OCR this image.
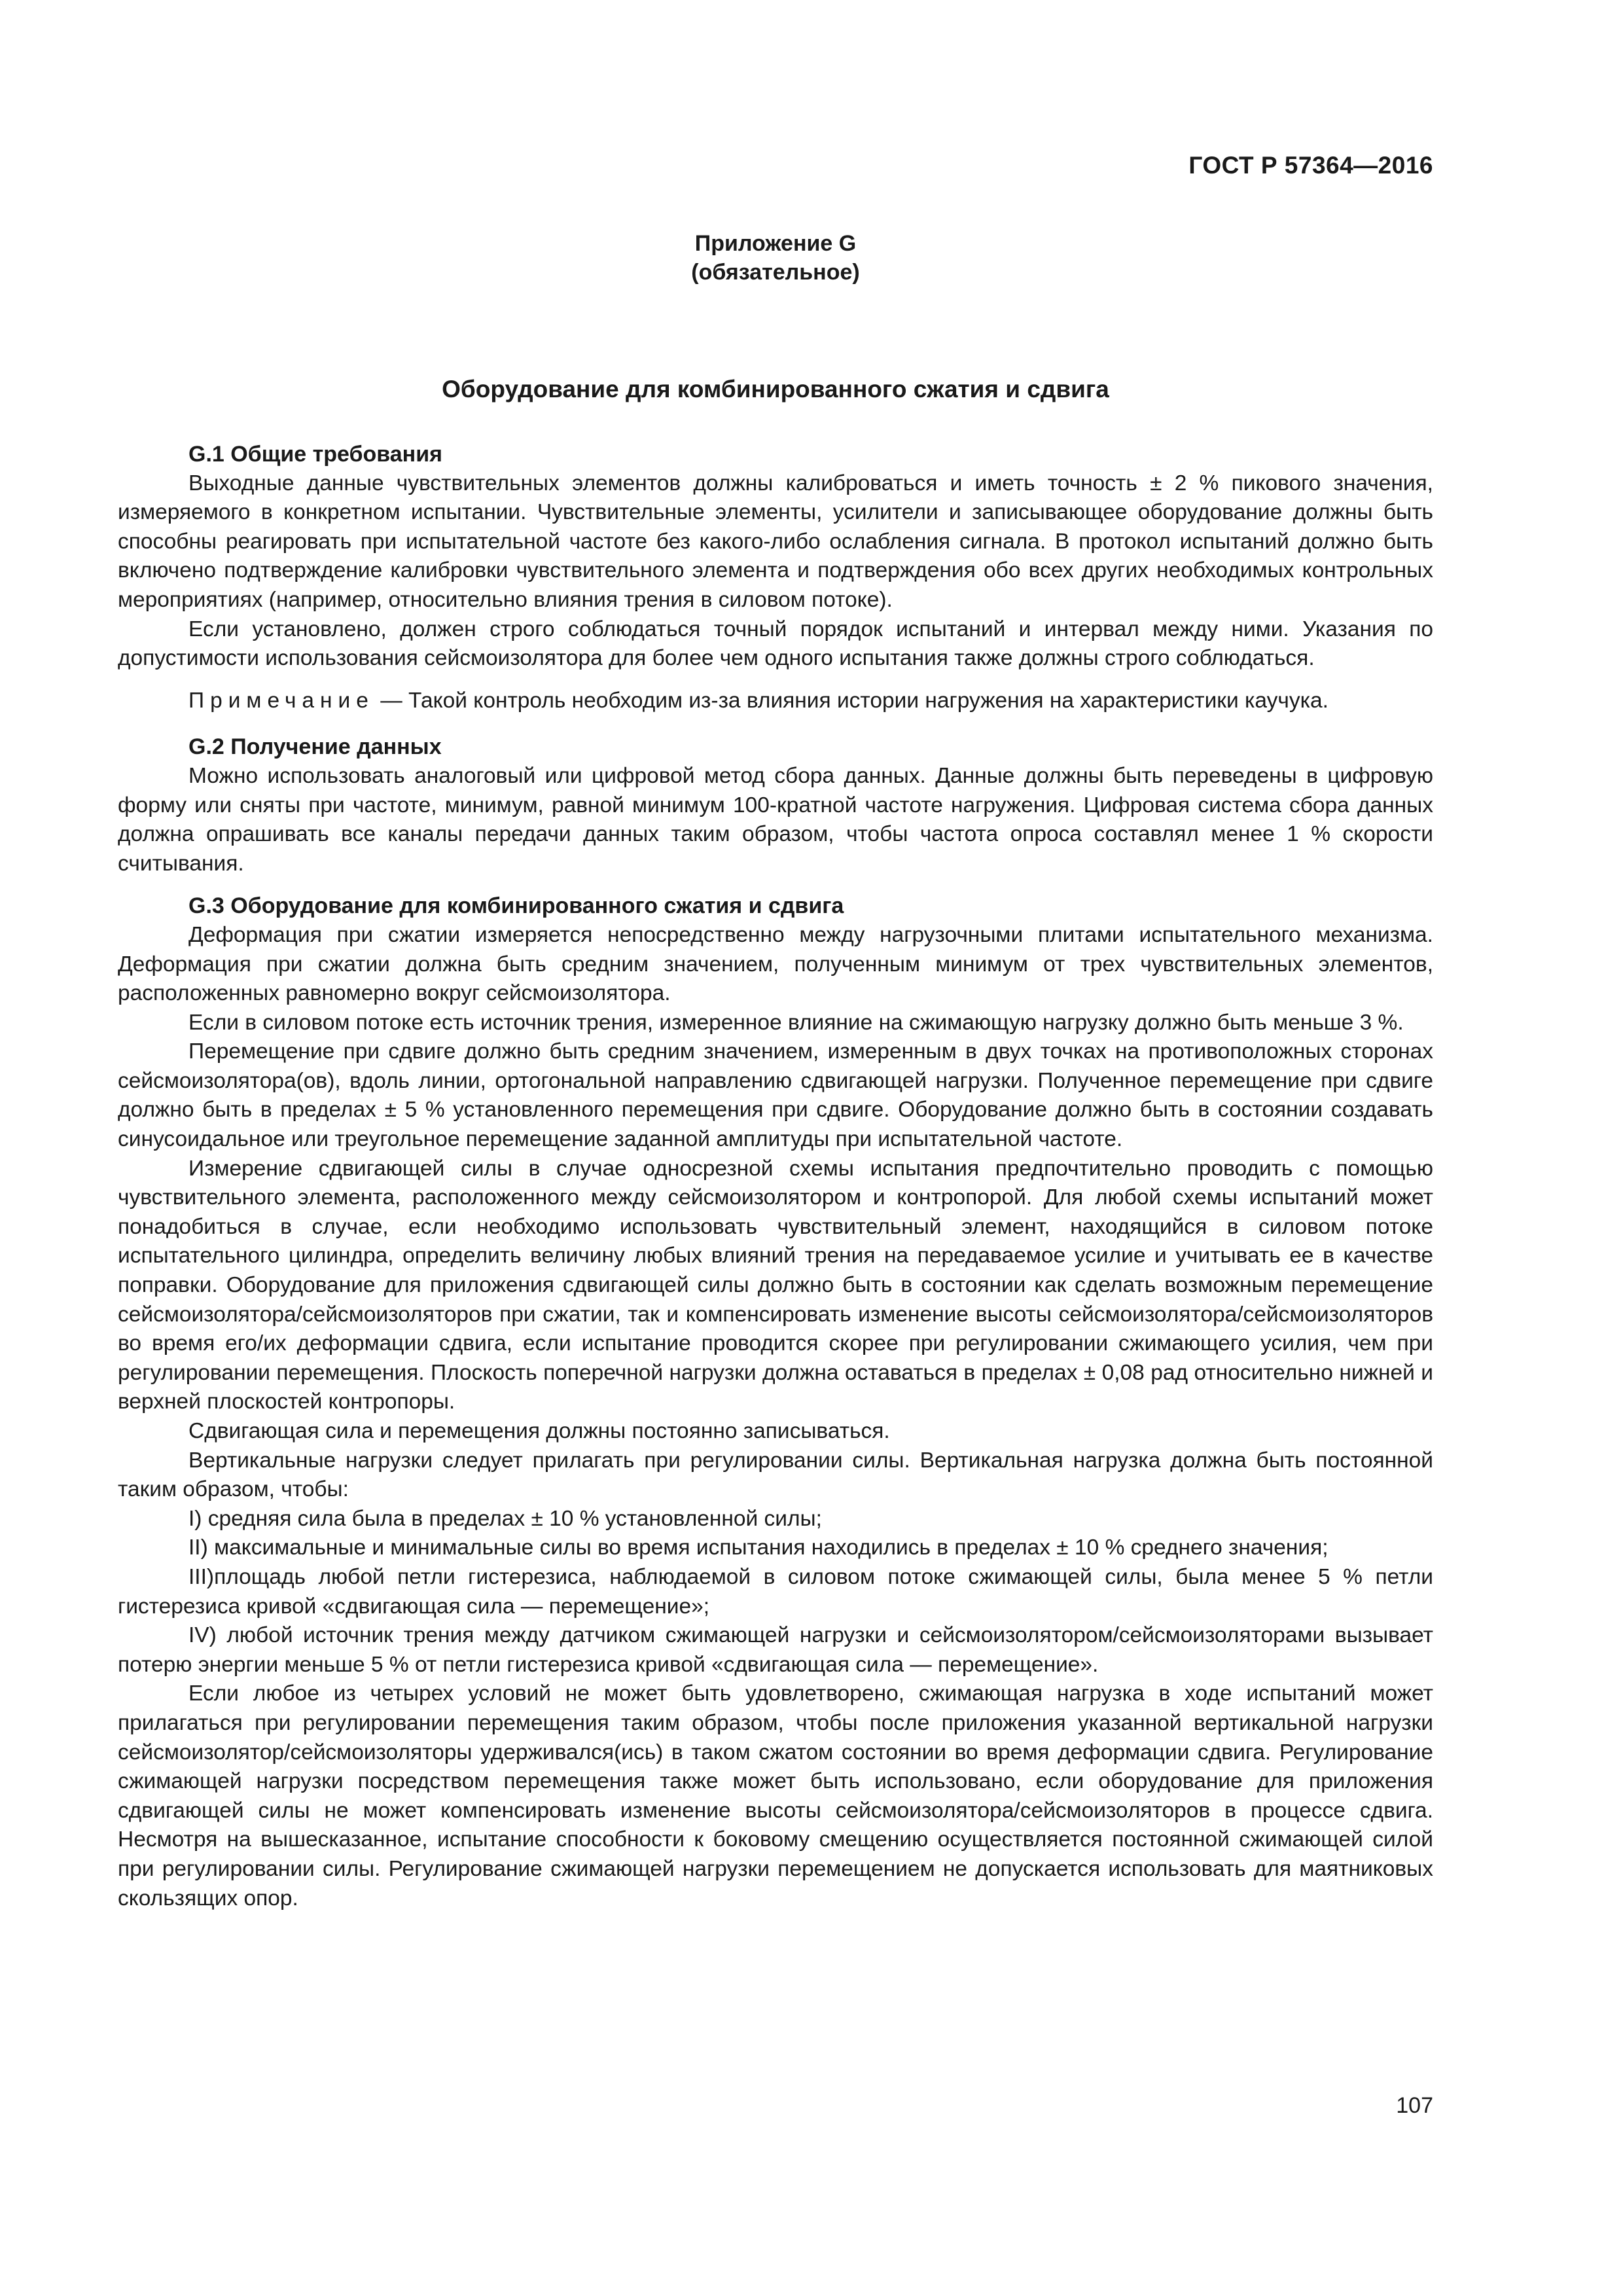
ГОСТ Р 57364—2016
Приложение G
(обязательное)
Оборудование для комбинированного сжатия и сдвига
G.1 Общие требования

Выходные данные чувствительных элементов должны калиброваться и иметь точность ± 2 % пикового значения, измеряемого в конкретном испытании. Чувствительные элементы, усилители и записывающее оборудование должны быть способны реагировать при испытательной частоте без какого-либо ослабления сигнала. В протокол испытаний должно быть включено подтверждение калибровки чувствительного элемента и подтверждения обо всех других необходимых контрольных мероприятиях (например, относительно влияния трения в силовом потоке).

Если установлено, должен строго соблюдаться точный порядок испытаний и интервал между ними. Указания по допустимости использования сейсмоизолятора для более чем одного испытания также должны строго соблюдаться.

Примечание — Такой контроль необходим из-за влияния истории нагружения на характеристики каучука.

G.2 Получение данных

Можно использовать аналоговый или цифровой метод сбора данных. Данные должны быть переведены в цифровую форму или сняты при частоте, минимум, равной минимум 100-кратной частоте нагружения. Цифровая система сбора данных должна опрашивать все каналы передачи данных таким образом, чтобы частота опроса составлял менее 1 % скорости считывания.

G.3 Оборудование для комбинированного сжатия и сдвига

Деформация при сжатии измеряется непосредственно между нагрузочными плитами испытательного механизма. Деформация при сжатии должна быть средним значением, полученным минимум от трех чувствительных элементов, расположенных равномерно вокруг сейсмоизолятора.

Если в силовом потоке есть источник трения, измеренное влияние на сжимающую нагрузку должно быть меньше 3 %.

Перемещение при сдвиге должно быть средним значением, измеренным в двух точках на противоположных сторонах сейсмоизолятора(ов), вдоль линии, ортогональной направлению сдвигающей нагрузки. Полученное перемещение при сдвиге должно быть в пределах ± 5 % установленного перемещения при сдвиге. Оборудование должно быть в состоянии создавать синусоидальное или треугольное перемещение заданной амплитуды при испытательной частоте.

Измерение сдвигающей силы в случае односрезной схемы испытания предпочтительно проводить с помощью чувствительного элемента, расположенного между сейсмоизолятором и контропорой. Для любой схемы испытаний может понадобиться в случае, если необходимо использовать чувствительный элемент, находящийся в силовом потоке испытательного цилиндра, определить величину любых влияний трения на передаваемое усилие и учитывать ее в качестве поправки. Оборудование для приложения сдвигающей силы должно быть в состоянии как сделать возможным перемещение сейсмоизолятора/сейсмоизоляторов при сжатии, так и компенсировать изменение высоты сейсмоизолятора/сейсмоизоляторов во время его/их деформации сдвига, если испытание проводится скорее при регулировании сжимающего усилия, чем при регулировании перемещения. Плоскость поперечной нагрузки должна оставаться в пределах ± 0,08 рад относительно нижней и верхней плоскостей контропоры.

Сдвигающая сила и перемещения должны постоянно записываться.

Вертикальные нагрузки следует прилагать при регулировании силы. Вертикальная нагрузка должна быть постоянной таким образом, чтобы:

I) средняя сила была в пределах ± 10 % установленной силы;

II) максимальные и минимальные силы во время испытания находились в пределах ± 10 % среднего значения;

III)площадь любой петли гистерезиса, наблюдаемой в силовом потоке сжимающей силы, была менее 5 % петли гистерезиса кривой «сдвигающая сила — перемещение»;

IV) любой источник трения между датчиком сжимающей нагрузки и сейсмоизолятором/сейсмоизоляторами вызывает потерю энергии меньше 5 % от петли гистерезиса кривой «сдвигающая сила — перемещение».

Если любое из четырех условий не может быть удовлетворено, сжимающая нагрузка в ходе испытаний может прилагаться при регулировании перемещения таким образом, чтобы после приложения указанной вертикальной нагрузки сейсмоизолятор/сейсмоизоляторы удерживался(ись) в таком сжатом состоянии во время деформации сдвига. Регулирование сжимающей нагрузки посредством перемещения также может быть использовано, если оборудование для приложения сдвигающей силы не может компенсировать изменение высоты сейсмоизолятора/сейсмоизоляторов в процессе сдвига. Несмотря на вышесказанное, испытание способности к боковому смещению осуществляется постоянной сжимающей силой при регулировании силы. Регулирование сжимающей нагрузки перемещением не допускается использовать для маятниковых скользящих опор.

107
